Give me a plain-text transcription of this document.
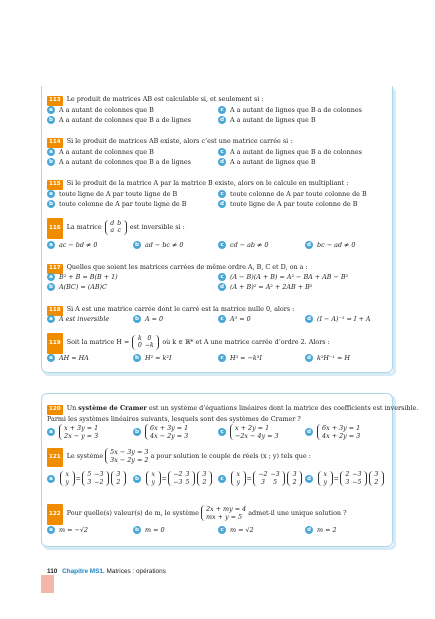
113 Le produit de matrices AB est calculable si, et seulement si :
a A a autant de colonnes que B
b A a autant de colonnes que B a de lignes
c A a autant de lignes que B a de colonnes
d A a autant de lignes que B
114 Si le produit de matrices AB existe, alors c’est une matrice carrée si :
a A a autant de colonnes que B
b A a autant de colonnes que B a de lignes
c A a autant de lignes que B a de colonnes
d A a autant de lignes que B
115 Si le produit de la matrice A par la matrice B existe, alors on le calcule en multipliant :
a toute ligne de A par toute ligne de B
b toute colonne de A par toute ligne de B
c toute colonne de A par toute colonne de B
d toute ligne de A par toute colonne de B
116 La matrice d	b
a	c est inversible si :
a ac − bd ≠ 0	b ad − bc ≠ 0	c cd − ab ≠ 0	d bc − ad ≠ 0
117 Quelles que soient les matrices carrées de même ordre A, B, C et D, on a :
a B² + B = B(B + 1)
b A(BC) = (AB)C
c (A − B)(A + B) = A² − BA + AB − B²
d (A + B)² = A² + 2AB + B²
118 Si A est une matrice carrée dont le carré est la matrice nulle 0, alors :
a A est inversible	b A = 0	c A³ = 0	d (I − A)⁻¹ = I + A
119 Soit la matrice H = k	0
0	−k où k ∈ ℝ* et A une matrice carrée d’ordre 2. Alors :
a AH = HA	b H² = k²I	c H³ = −k³I	d k²H⁻¹ = H
120 Un système de Cramer est un système d’équations linéaires dont la matrice des coefficients est inversible.
Parmi les systèmes linéaires suivants, lesquels sont des systèmes de Cramer ?
a x + 3y = 1
2x − y = 3	b 6x + 3y = 1
4x − 2y = 3	c x + 2y = 1
−2x − 4y = 3	d 6x + 3y = 1
4x + 2y = 3
121 Le système 5x − 3y = 3
3x − 2y = 2 a pour solution le couple de réels (x ; y) tels que :
a
x
y = 5	−3
3	−2
3
2	b
x
y = −2	3
−3	5
3
2	c
x
y = −2	−3
3	5
3
2	d
x
y = 2	−3
3	−5
3
2
122 Pour quelle(s) valeur(s) de m, le système 2x + my = 4
mx + y = 5 admet-il une unique solution ?
a m = −√2	b m = 0	c m = √2	d m = 2
110 Chapitre MS1. Matrices : opérations
